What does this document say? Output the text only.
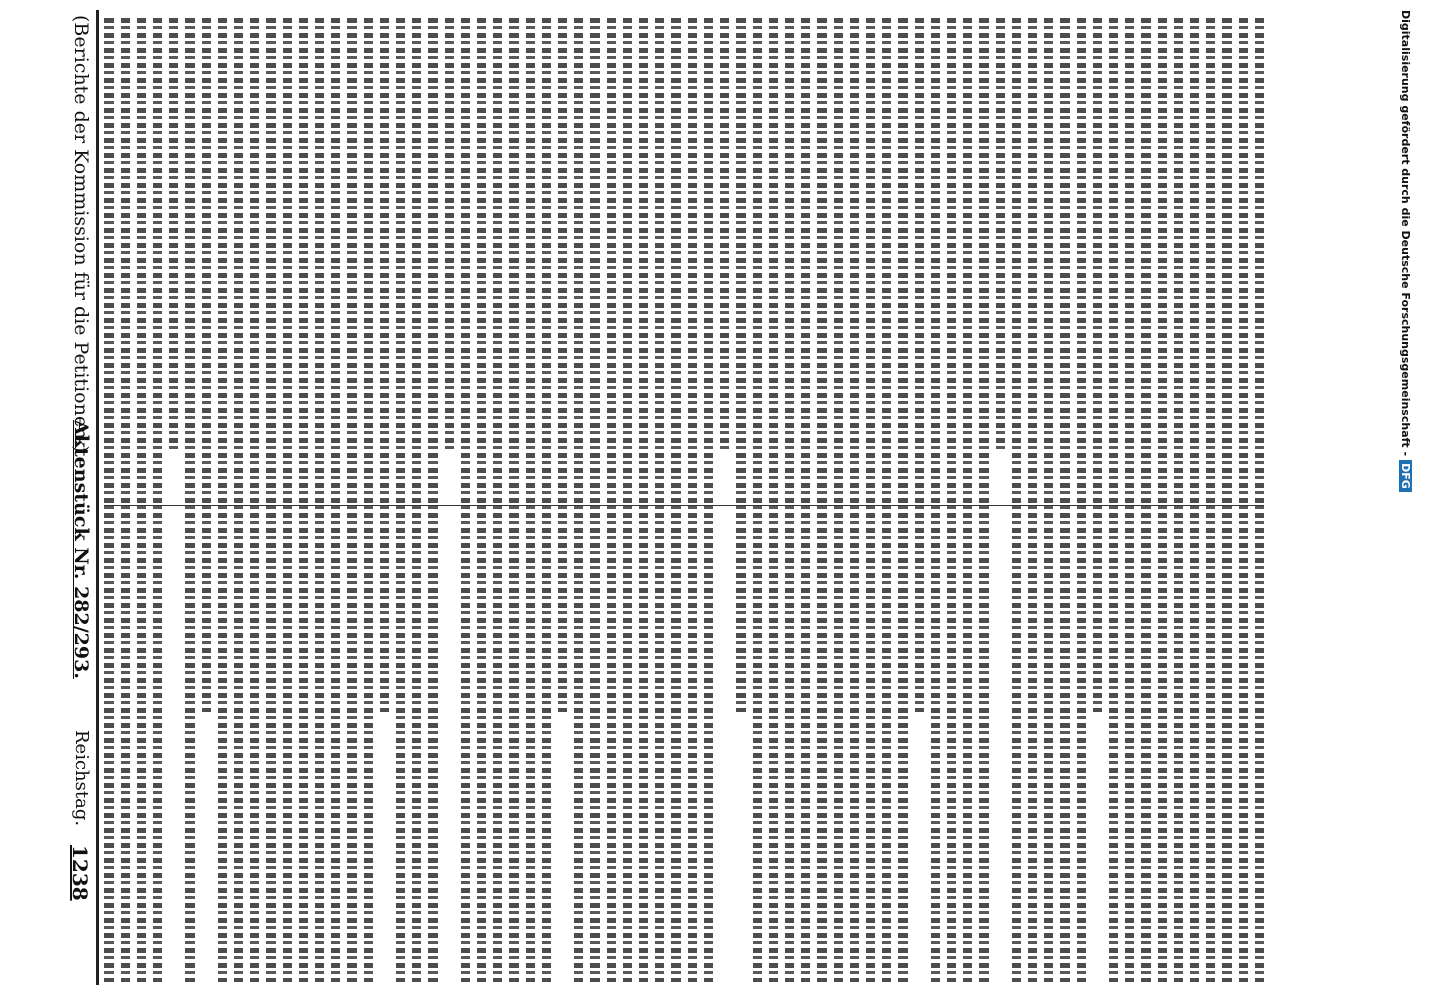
1238
Reichstag.
Aktenstück Nr. 282/293.
(Berichte der Kommission für die Petitionen.)	Digitalisierung gefördert durch die Deutsche Forschungsgemeinschaft -DFG
